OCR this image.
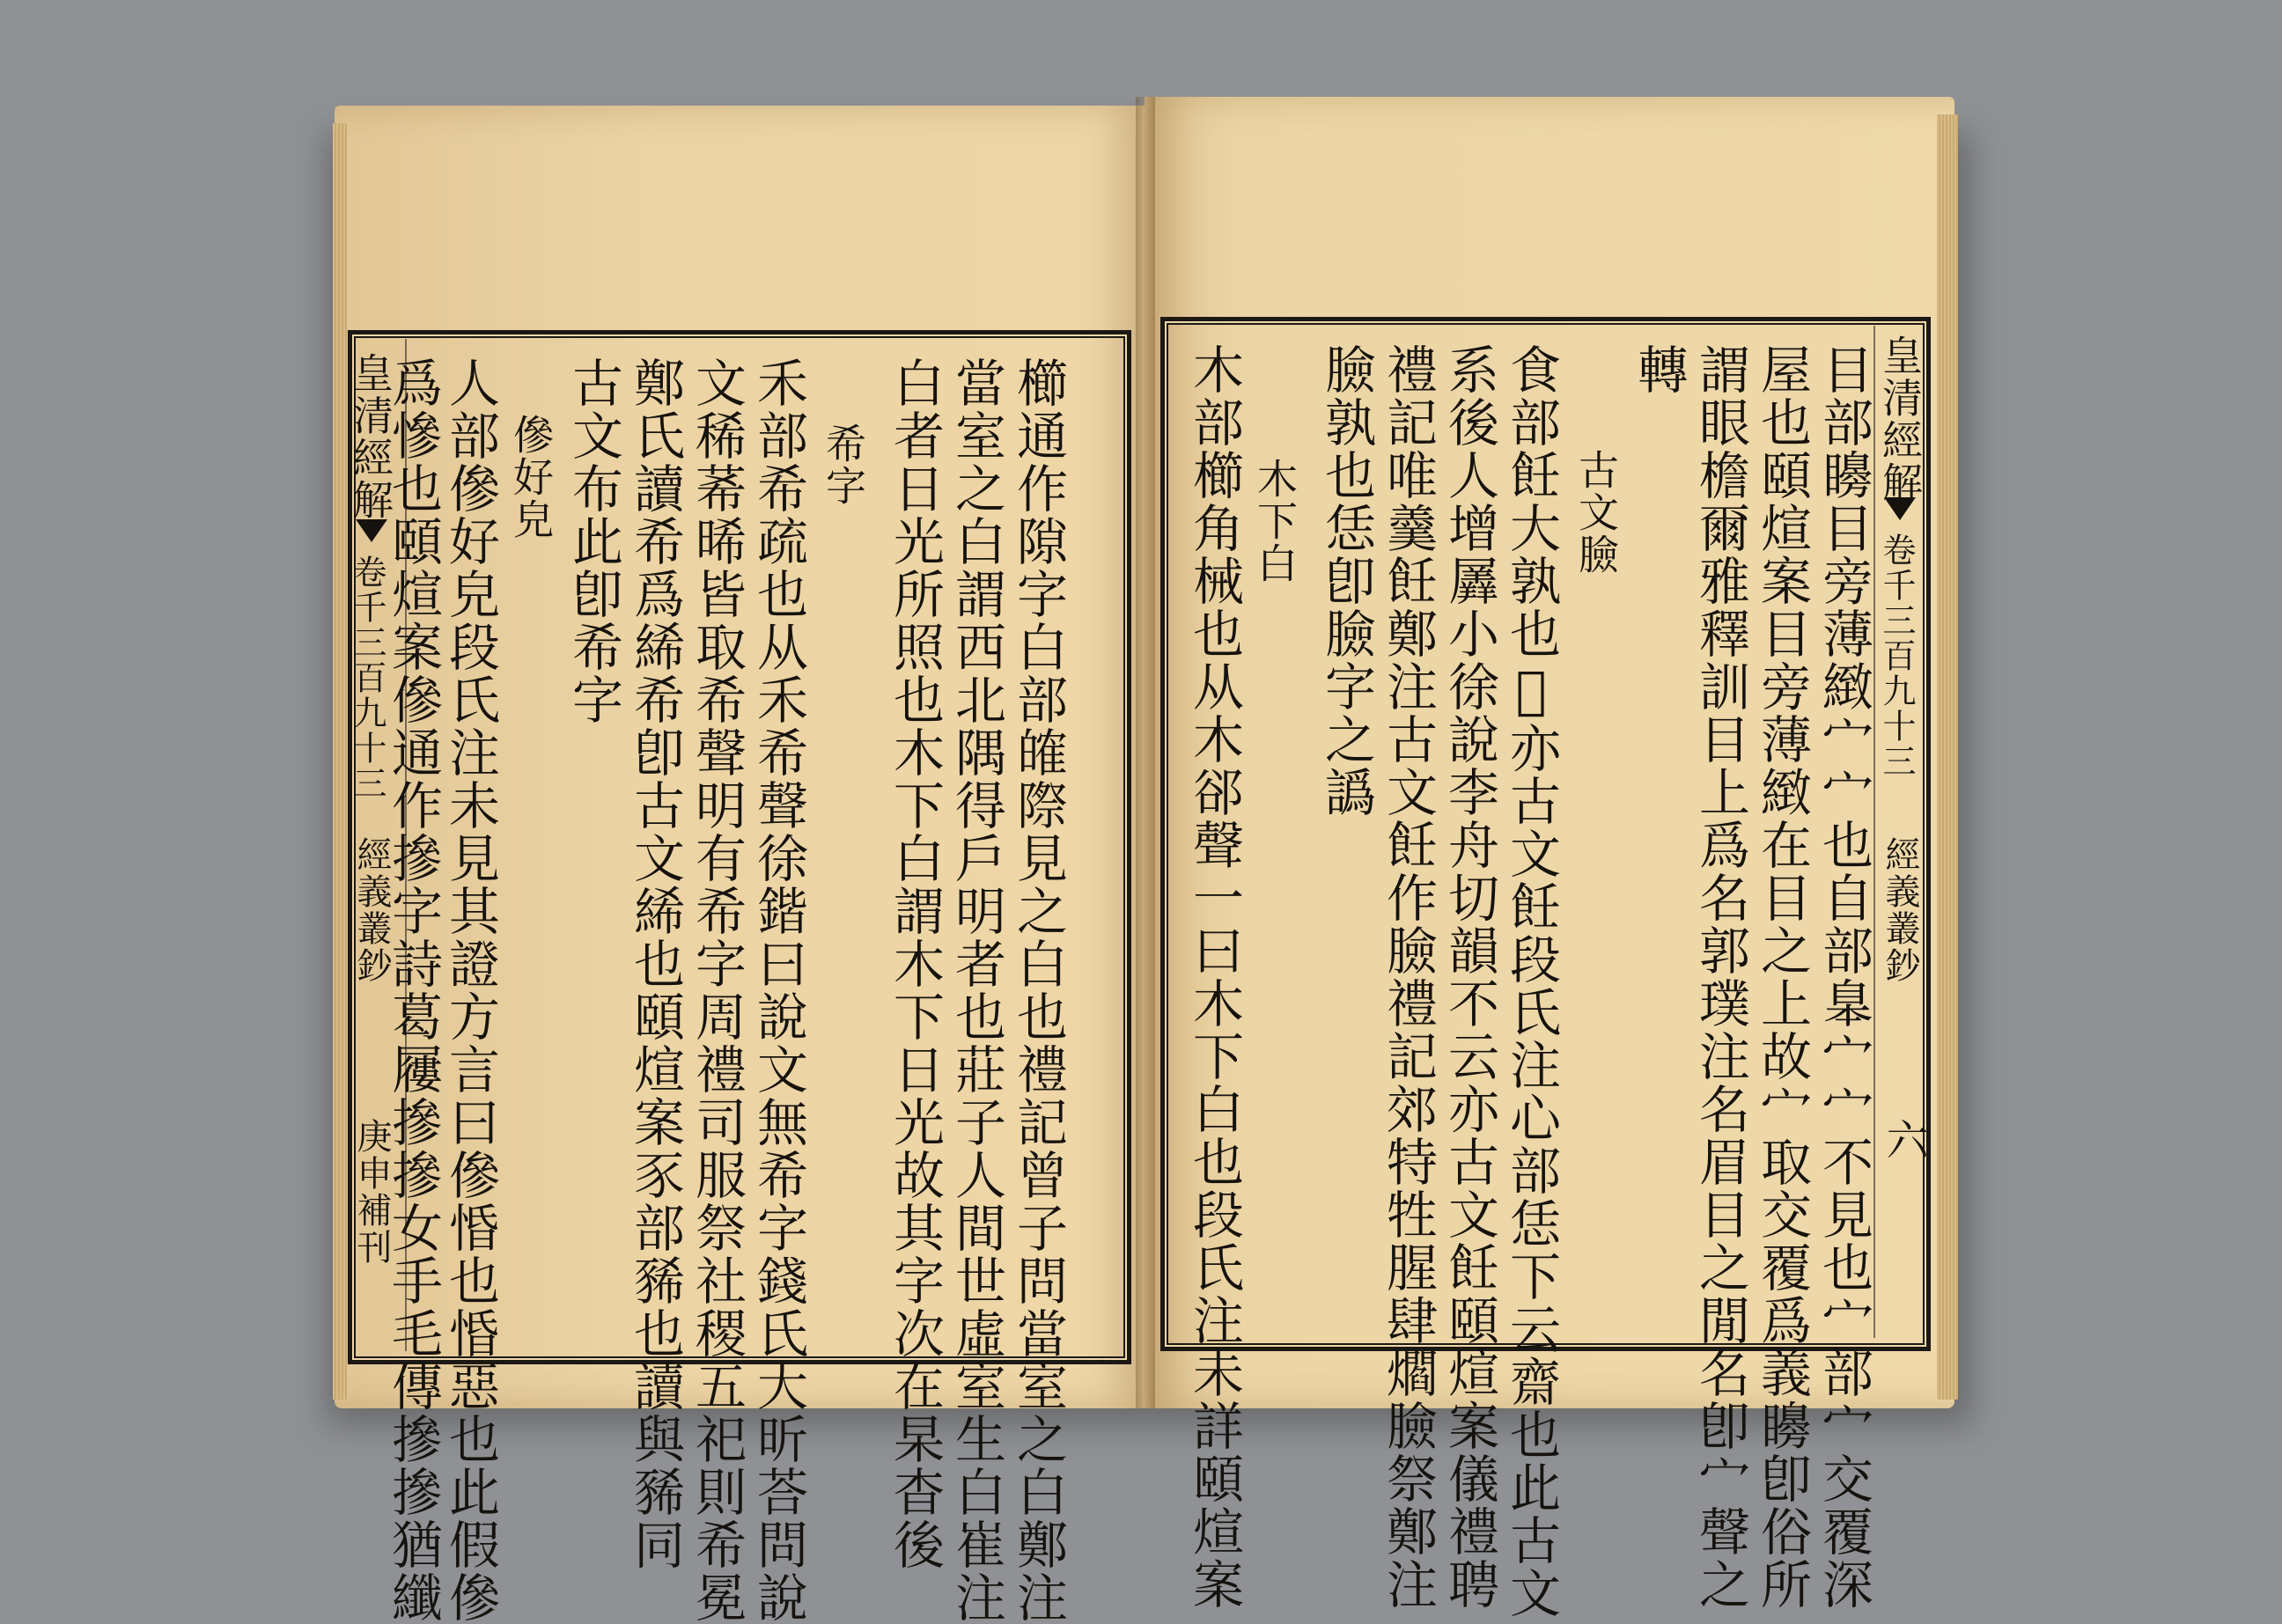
皇清經解
卷千三百九十三
經義叢鈔
庚申補刊 人部傪好皃段氏注未見其證方言曰傪惛也惛惡也此假傪
爲慘也頤煊案傪通作摻字詩葛屨摻摻女手毛傳摻摻猶纖 傪好皃 古文布此卽希字 鄭氏讀希爲絺希卽古文絺也頤煊案豕部豨也讀與豨同 文稀莃晞皆取希聲明有希字周禮司服祭社稷五祀則希冕 禾部希疏也从禾希聲徐鍇曰說文無希字錢氏大昕荅問說 希字 白者日光所照也木下白謂木下日光故其字次在杲杳後 當室之白謂西北隅得戶明者也莊子人間世虛室生白崔注 櫛通作隙字白部㿥際見之白也禮記曾子問當室之白鄭注 木部櫛角械也从木郤聲一曰木下白也段氏注未詳頤煊案 木下白 臉孰也恁卽臉字之譌 禮記唯羹飪鄭注古文飪作臉禮記郊特牲腥肆爓臉祭鄭注 系後人增羼小徐說李舟切韻不云亦古文飪頤煊案儀禮聘 食部飪大孰也𩛙亦古文飪段氏注心部恁下云齋也此古文 古文臉
轉 謂眼檐爾雅釋訓目上爲名郭璞注名眉目之閒名卽宀聲之 屋也頤煊案目旁薄緻在目之上故宀取交覆爲義矏卽俗所 目部矏目旁薄緻宀宀也自部𦤎宀宀不見也宀部宀交覆深 皇清經解
卷千三百九十三
經義叢鈔
六
